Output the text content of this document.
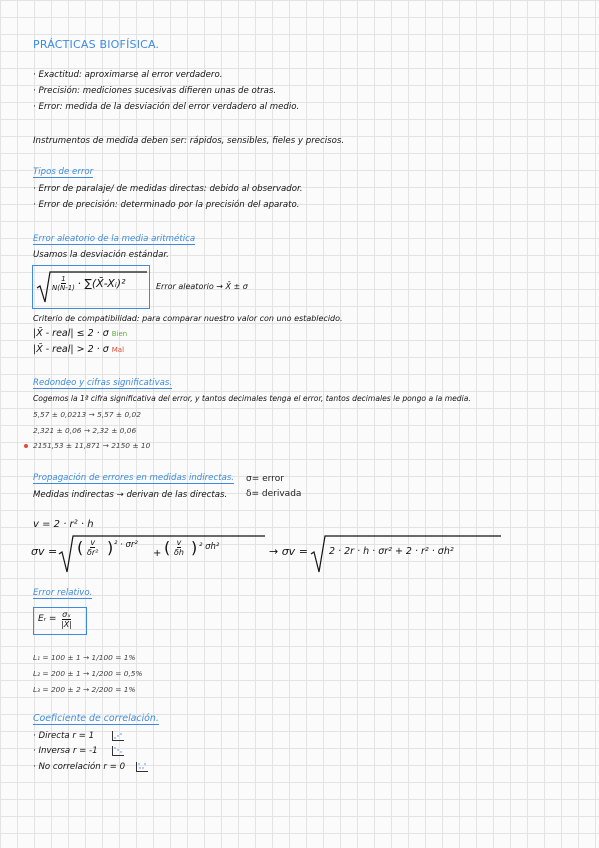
PRÁCTICAS BIOFÍSICA.
· Exactitud: aproximarse al error verdadero.
· Precisión: mediciones sucesivas difieren unas de otras.
· Error: medida de la desviación del error verdadero al medio.
Instrumentos de medida deben ser: rápidos, sensibles, fieles y precisos.
Tipos de error
· Error de paralaje/ de medidas directas: debido al observador.
· Error de precisión: determinado por la precisión del aparato.
Error aleatorio de la media aritmética
Usamos la desviación estándar.
$\frac{1}{N(N-1)}$ · ∑(X̄-Xᵢ)²	Error aleatorio → X̄ ± σ
Criterio de compatibilidad: para comparar nuestro valor con uno establecido.
|X̄ - real| ≤ 2 · σ Bien
|X̄ - real| > 2 · σ Mal
Redondeo y cifras significativas.
Cogemos la 1ª cifra significativa del error, y tantos decimales tenga el error, tantos decimales le pongo a la media.
5,57 ± 0,0213 → 5,57 ± 0,02
2,321 ± 0,06 → 2,32 ± 0,06
2151,53 ± 11,871 → 2150 ± 10
Propagación de errores en medidas indirectas. σ= error
Medidas indirectas → derivan de las directas. δ= derivada
v = 2 · r² · h
σv = ( $\frac{v}{\text{δr²}}$ ) ² · σr²
+ ( $\frac{v}{\delta h}$ ) ² σh²	→ σv = 2 · 2r · h · σr² + 2 · r² · σh²
Error relativo.
Eᵣ = $\frac{\text{σₓ}}{|X̄|}$
L₁ = 100 ± 1 → 1/100 = 1%
L₂ = 200 ± 1 → 1/200 = 0,5%
L₃ = 200 ± 2 → 2/200 = 1%
Coeficiente de correlación.
· Directa r = 1
· Inversa r = -1
· No correlación r = 0
